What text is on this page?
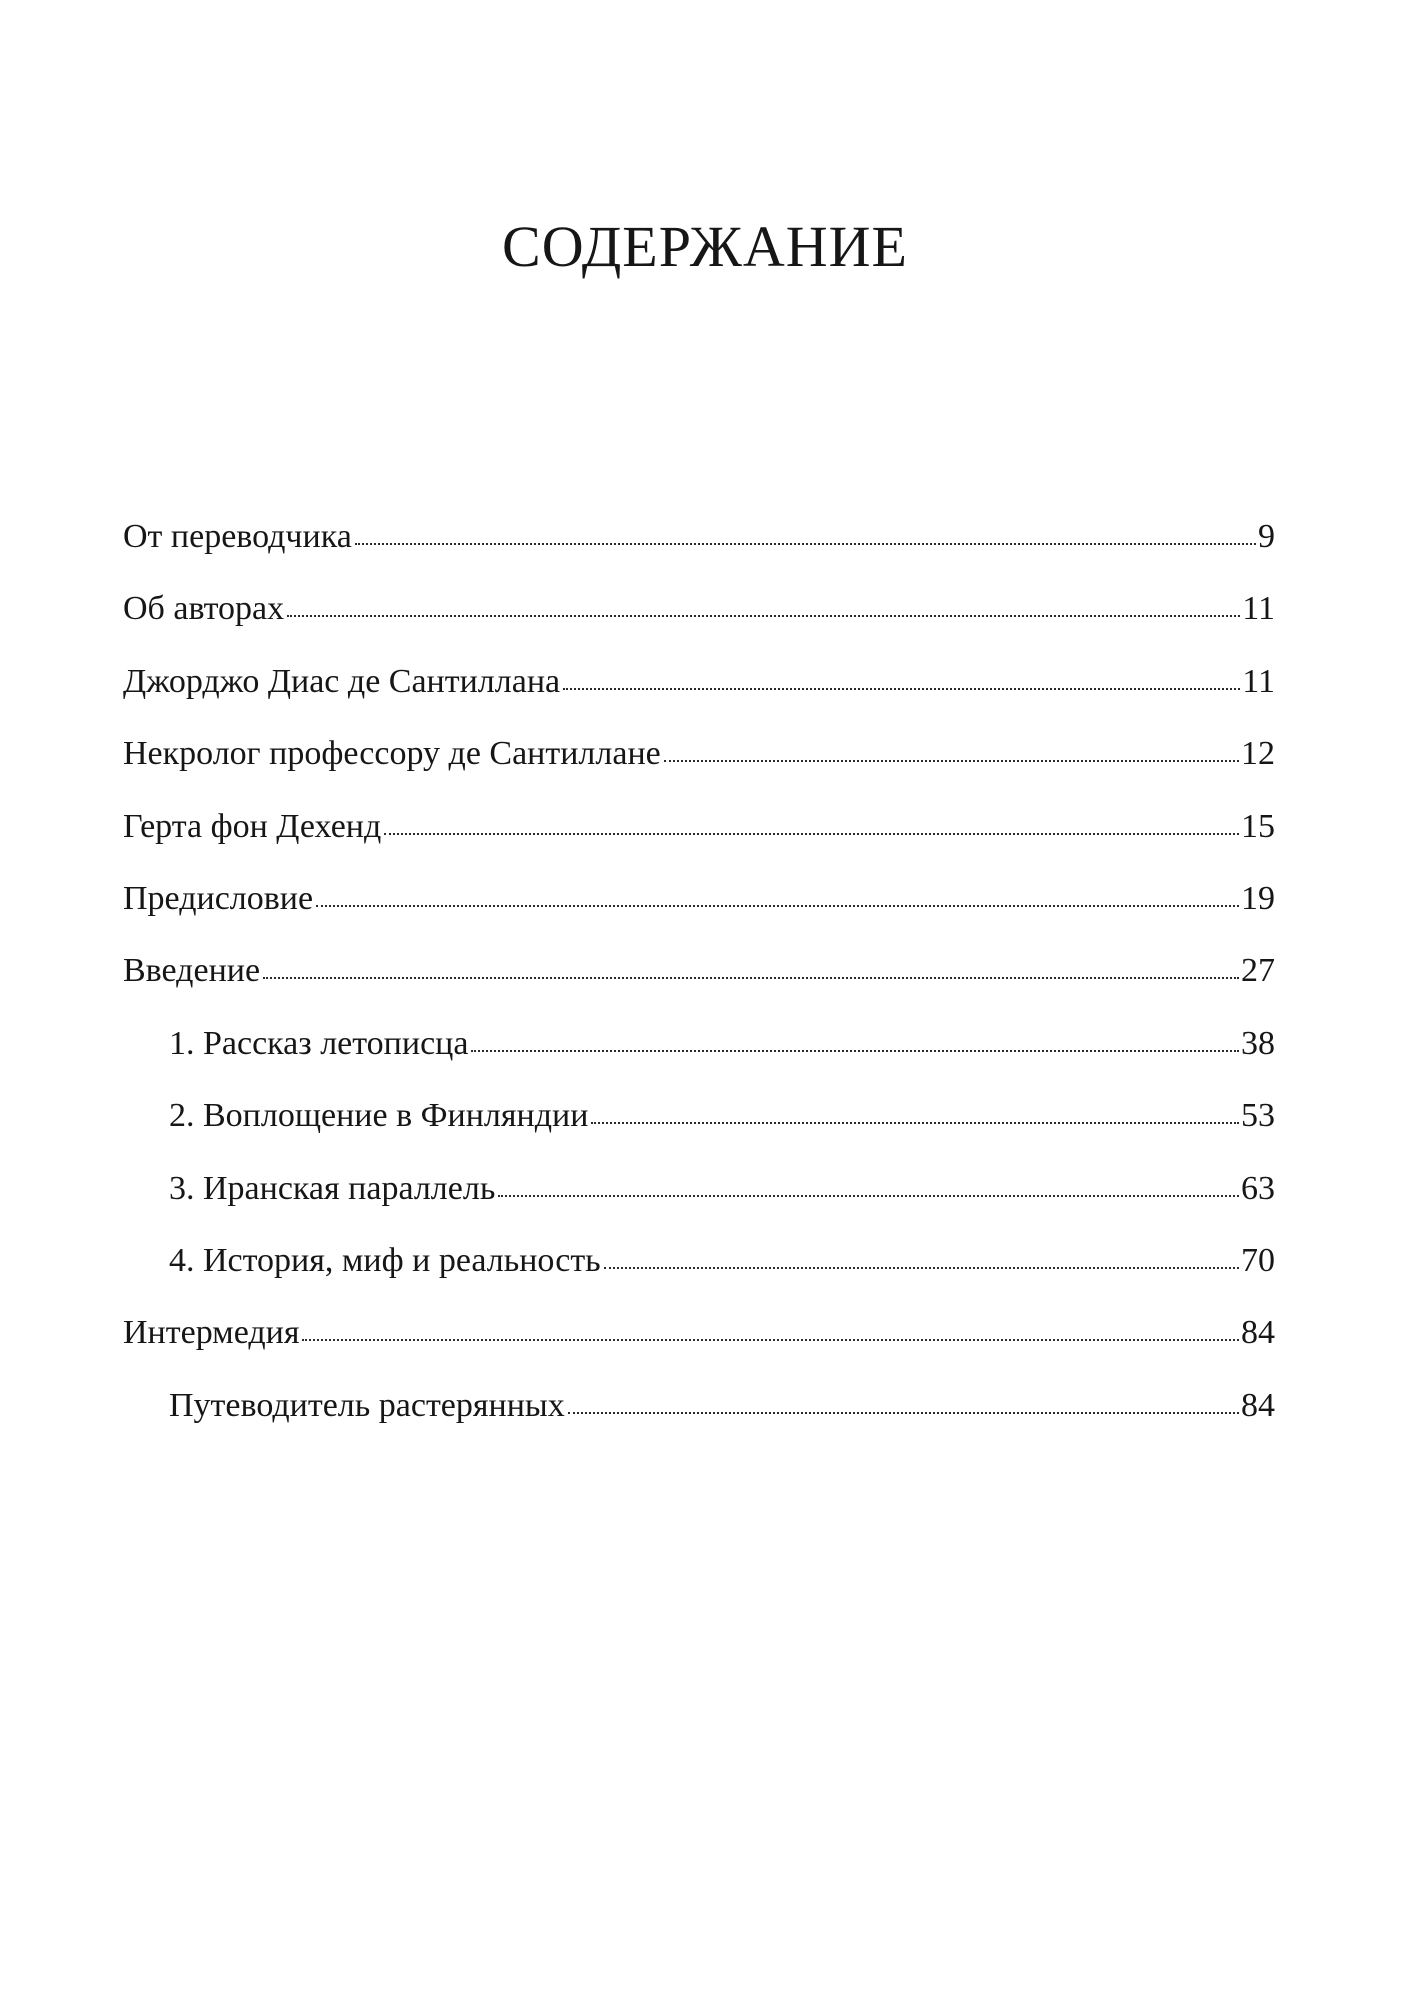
СОДЕРЖАНИЕ
От переводчика	9
Об авторах	11
Джорджо Диас де Сантиллана	11
Некролог профессору де Сантиллане	12
Герта фон Дехенд	15
Предисловие	19
Введение	27
1. Рассказ летописца	38
2. Воплощение в Финляндии	53
3. Иранская параллель	63
4. История, миф и реальность	70
Интермедия	84
Путеводитель растерянных	84
